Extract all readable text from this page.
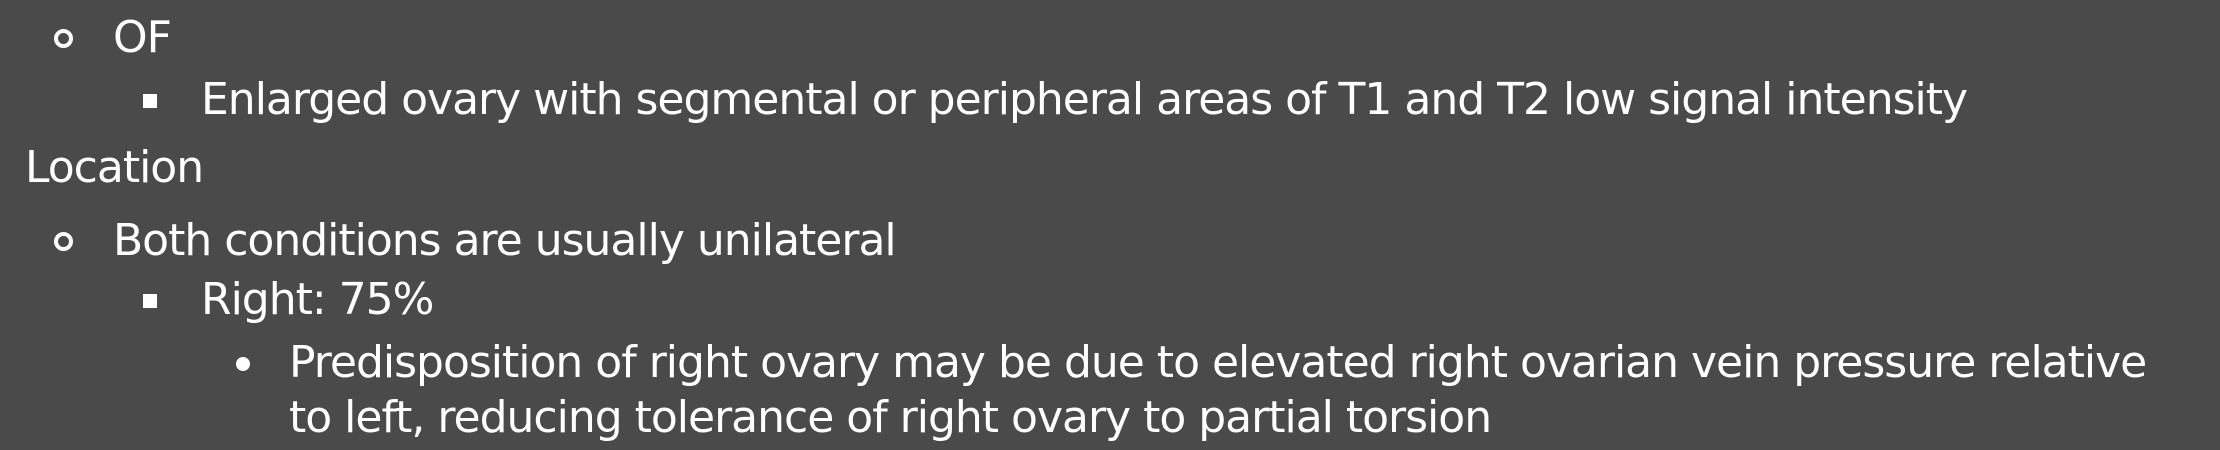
OF
Enlarged ovary with segmental or peripheral areas of T1 and T2 low signal intensity
Location
Both conditions are usually unilateral
Right: 75%
Predisposition of right ovary may be due to elevated right ovarian vein pressure relative
to left, reducing tolerance of right ovary to partial torsion
